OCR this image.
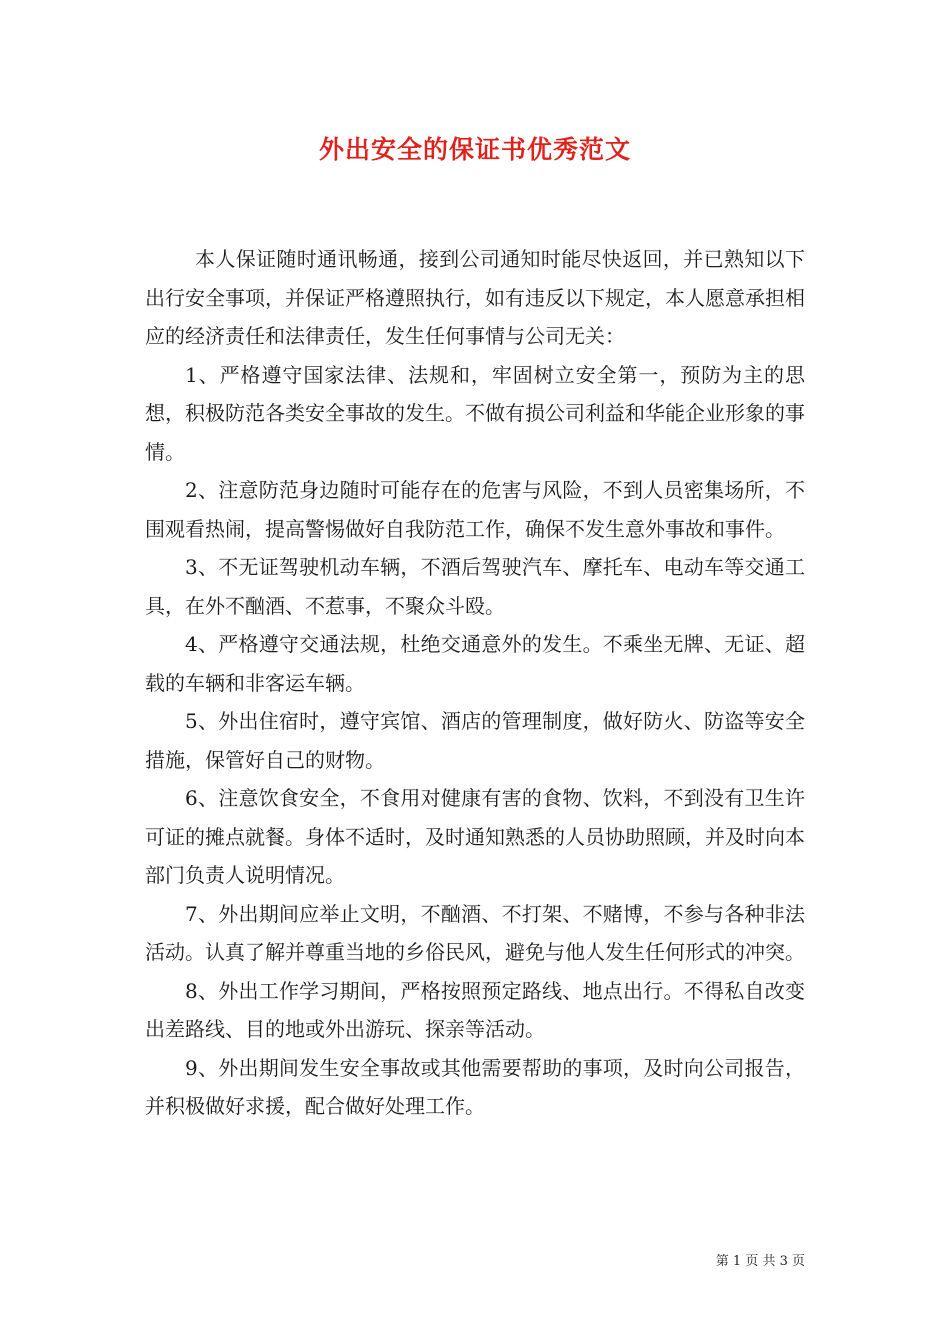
外出安全的保证书优秀范文

本人保证随时通讯畅通，接到公司通知时能尽快返回，并已熟知以下出行安全事项，并保证严格遵照执行，如有违反以下规定，本人愿意承担相应的经济责任和法律责任，发生任何事情与公司无关：

1、严格遵守国家法律、法规和，牢固树立安全第一，预防为主的思想，积极防范各类安全事故的发生。不做有损公司利益和华能企业形象的事情。

2、注意防范身边随时可能存在的危害与风险，不到人员密集场所，不围观看热闹，提高警惕做好自我防范工作，确保不发生意外事故和事件。

3、不无证驾驶机动车辆，不酒后驾驶汽车、摩托车、电动车等交通工具，在外不酗酒、不惹事，不聚众斗殴。

4、严格遵守交通法规，杜绝交通意外的发生。不乘坐无牌、无证、超载的车辆和非客运车辆。

5、外出住宿时，遵守宾馆、酒店的管理制度，做好防火、防盗等安全措施，保管好自己的财物。

6、注意饮食安全，不食用对健康有害的食物、饮料，不到没有卫生许可证的摊点就餐。身体不适时，及时通知熟悉的人员协助照顾，并及时向本部门负责人说明情况。

7、外出期间应举止文明，不酗酒、不打架、不赌博，不参与各种非法活动。认真了解并尊重当地的乡俗民风，避免与他人发生任何形式的冲突。

8、外出工作学习期间，严格按照预定路线、地点出行。不得私自改变出差路线、目的地或外出游玩、探亲等活动。

9、外出期间发生安全事故或其他需要帮助的事项，及时向公司报告，并积极做好求援，配合做好处理工作。

第 1 页 共 3 页
